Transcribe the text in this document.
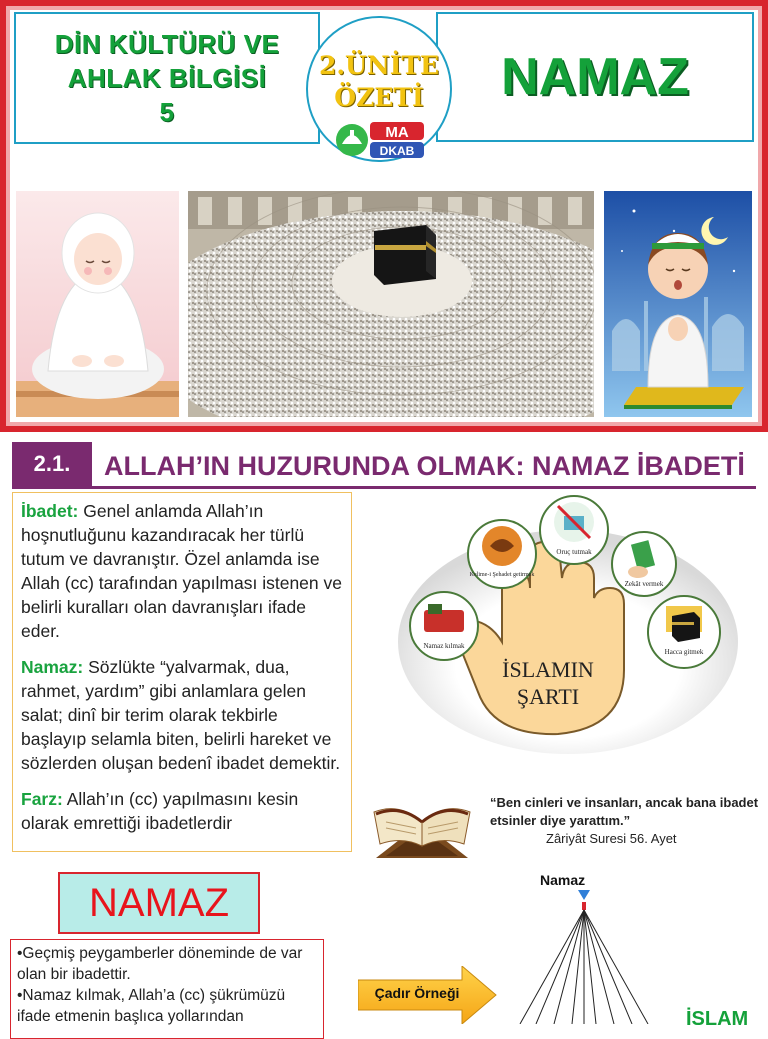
DİN KÜLTÜRÜ VE
AHLAK BİLGİSİ
5
NAMAZ
2.ÜNİTE
ÖZETİ
MA
DKAB
2.1.	ALLAH’IN HUZURUNDA OLMAK: NAMAZ İBADETİ

İbadet: Genel anlamda Allah’ın hoşnutluğunu kazandıracak her türlü tutum ve davranıştır. Özel anlamda ise Allah (cc) tarafından yapılması istenen ve belirli kuralları olan davranışları ifade eder.

Namaz: Sözlükte “yalvarmak, dua, rahmet, yardım” gibi anlamlara gelen salat; dinî bir terim olarak tekbirle başlayıp selamla biten, belirli hareket ve sözlerden oluşan bedenî ibadet demektir.

Farz: Allah’ın (cc) yapılmasını kesin olarak emrettiği ibadetlerdir

İSLAMIN
ŞARTI
Namaz kılmak
Kelime-i Şehadet getirmek
Oruç tutmak
Zekât vermek
Hacca gitmek
“Ben cinleri ve insanları, ancak bana ibadet etsinler diye yarattım.”
Zâriyât Suresi 56. Ayet
NAMAZ
•Geçmiş peygamberler döneminde de var olan bir ibadettir.
•Namaz kılmak, Allah’a (cc) şükrümüzü ifade etmenin başlıca yollarından
Namaz
Çadır Örneği
İSLAM
